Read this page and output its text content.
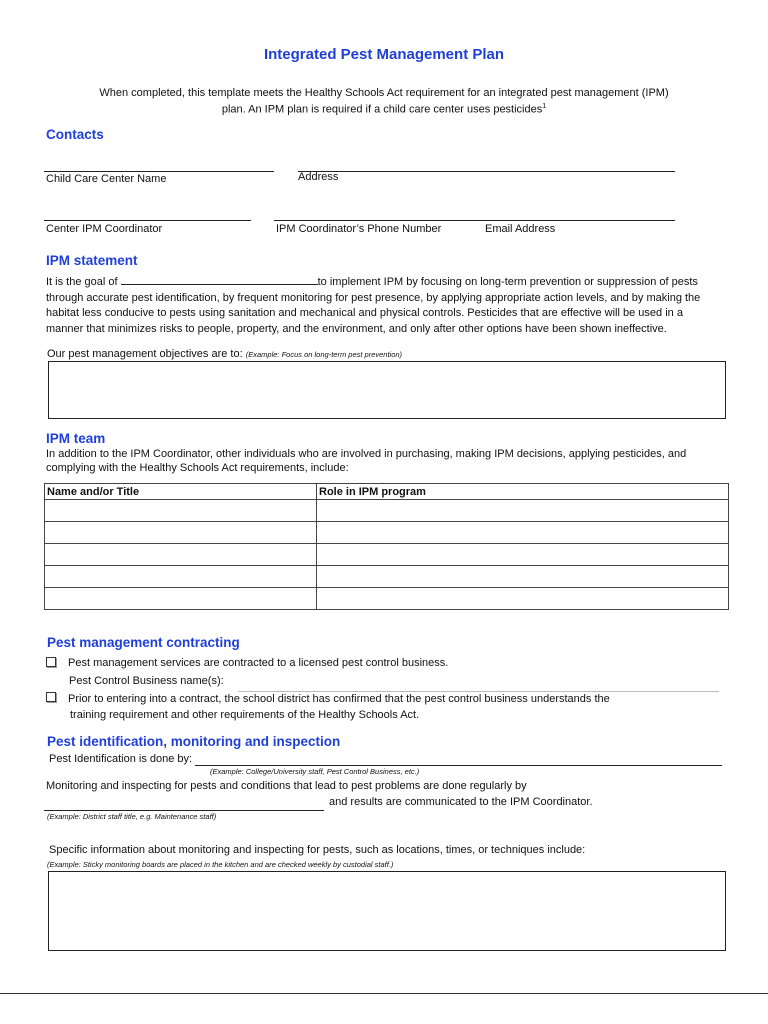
Integrated Pest Management Plan
When completed, this template meets the Healthy Schools Act requirement for an integrated pest management (IPM)
plan. An IPM plan is required if a child care center uses pesticides$^1$
Contacts
Child Care Center Name	Address
Center IPM Coordinator	IPM Coordinator’s Phone Number	Email Address
IPM statement
It is the goal of	to implement IPM by focusing on long-term prevention or suppression of pests
through accurate pest identification, by frequent monitoring for pest presence, by applying appropriate action levels, and by making the
habitat less conducive to pests using sanitation and mechanical and physical controls. Pesticides that are effective will be used in a
manner that minimizes risks to people, property, and the environment, and only after other options have been shown ineffective.
Our pest management objectives are to: (Example: Focus on long-term pest prevention)
IPM team
In addition to the IPM Coordinator, other individuals who are involved in purchasing, making IPM decisions, applying pesticides, and
complying with the Healthy Schools Act requirements, include:
Name and/or Title	Role in IPM program

Pest management contracting
Pest management services are contracted to a licensed pest control business.
Pest Control Business name(s):
Prior to entering into a contract, the school district has confirmed that the pest control business understands the
training requirement and other requirements of the Healthy Schools Act.
Pest identification, monitoring and inspection
Pest Identification is done by:
(Example: College/University staff, Pest Control Business, etc.)
Monitoring and inspecting for pests and conditions that lead to pest problems are done regularly by
and results are communicated to the IPM Coordinator.
(Example: District staff title, e.g. Maintenance staff)
Specific information about monitoring and inspecting for pests, such as locations, times, or techniques include:
(Example: Sticky monitoring boards are placed in the kitchen and are checked weekly by custodial staff.)
